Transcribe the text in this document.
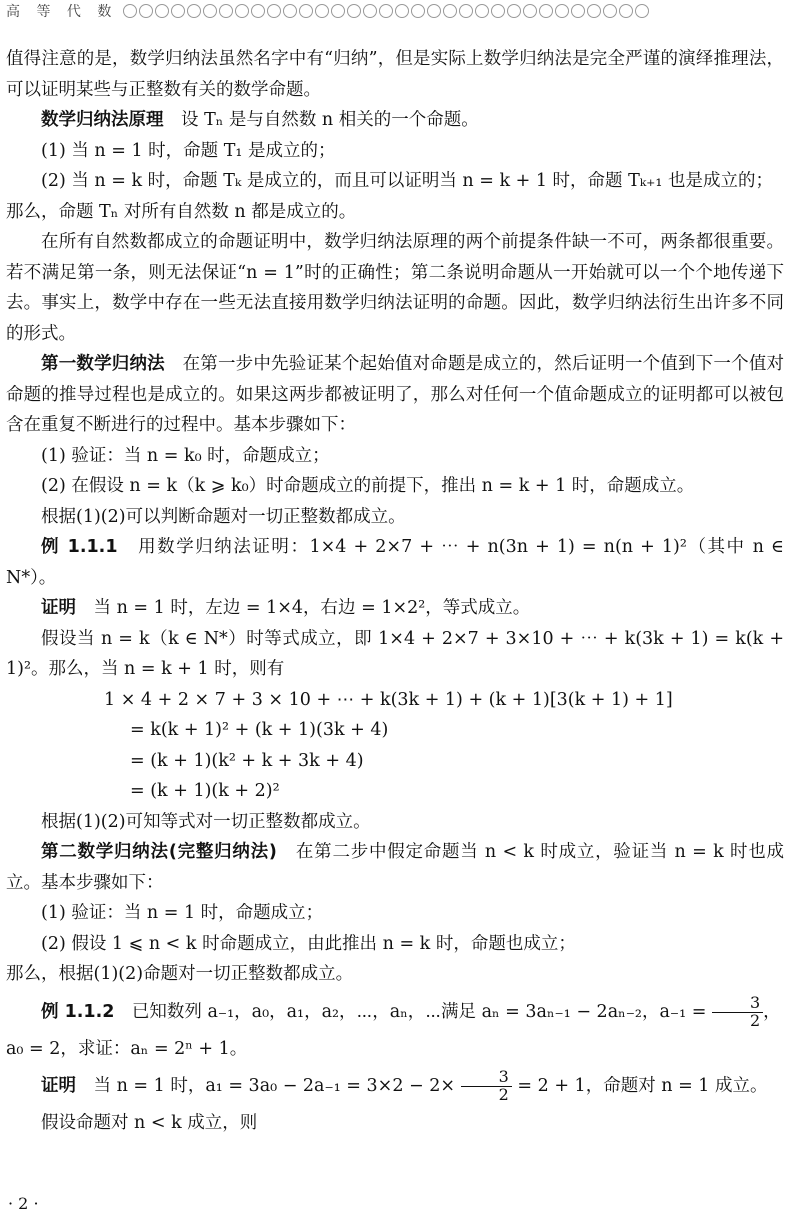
高 等 代 数

值得注意的是，数学归纳法虽然名字中有“归纳”，但是实际上数学归纳法是完全严谨的演绎推理法，可以证明某些与正整数有关的数学命题。

数学归纳法原理　 设 Tₙ 是与自然数 n 相关的一个命题。

(1) 当 n = 1 时，命题 T₁ 是成立的；

(2) 当 n = k 时，命题 Tₖ 是成立的，而且可以证明当 n = k + 1 时，命题 Tₖ₊₁ 也是成立的；

那么，命题 Tₙ 对所有自然数 n 都是成立的。

在所有自然数都成立的命题证明中，数学归纳法原理的两个前提条件缺一不可，两条都很重要。若不满足第一条，则无法保证“n = 1”时的正确性；第二条说明命题从一开始就可以一个个地传递下去。事实上，数学中存在一些无法直接用数学归纳法证明的命题。因此，数学归纳法衍生出许多不同的形式。

第一数学归纳法　 在第一步中先验证某个起始值对命题是成立的，然后证明一个值到下一个值对命题的推导过程也是成立的。如果这两步都被证明了，那么对任何一个值命题成立的证明都可以被包含在重复不断进行的过程中。基本步骤如下：

(1) 验证：当 n = k₀ 时，命题成立；

(2) 在假设 n = k（k ⩾ k₀）时命题成立的前提下，推出 n = k + 1 时，命题成立。

根据(1)(2)可以判断命题对一切正整数都成立。

例 1.1.1　 用数学归纳法证明：1×4 + 2×7 + ⋯ + n(3n + 1) = n(n + 1)²（其中 n ∈ N*）。

证明　 当 n = 1 时，左边 = 1×4，右边 = 1×2²，等式成立。

假设当 n = k（k ∈ N*）时等式成立，即 1×4 + 2×7 + 3×10 + ⋯ + k(3k + 1) = k(k + 1)²。那么，当 n = k + 1 时，则有

1 × 4 + 2 × 7 + 3 × 10 + ⋯ + k(3k + 1) + (k + 1)[3(k + 1) + 1]

= k(k + 1)² + (k + 1)(3k + 4)

= (k + 1)(k² + k + 3k + 4)

= (k + 1)(k + 2)²

根据(1)(2)可知等式对一切正整数都成立。

第二数学归纳法(完整归纳法)　 在第二步中假定命题当 n < k 时成立，验证当 n = k 时也成立。基本步骤如下：

(1) 验证：当 n = 1 时，命题成立；

(2) 假设 1 ⩽ n < k 时命题成立，由此推出 n = k 时，命题也成立；

那么，根据(1)(2)命题对一切正整数都成立。

例 1.1.2　 已知数列 a₋₁，a₀，a₁，a₂，⋯，aₙ，⋯满足 aₙ = 3aₙ₋₁ − 2aₙ₋₂，$a_{-1} = \frac{3}{2}$ ，

a₀ = 2，求证：aₙ = 2ⁿ + 1。

证明　 当 n = 1 时，$a_1 = 3a_0 - 2a_{-1} = 3\times 2 - 2\times \frac{3}{2} = 2 + 1$，命题对 n = 1 成立。

假设命题对 n < k 成立，则

· 2 ·
